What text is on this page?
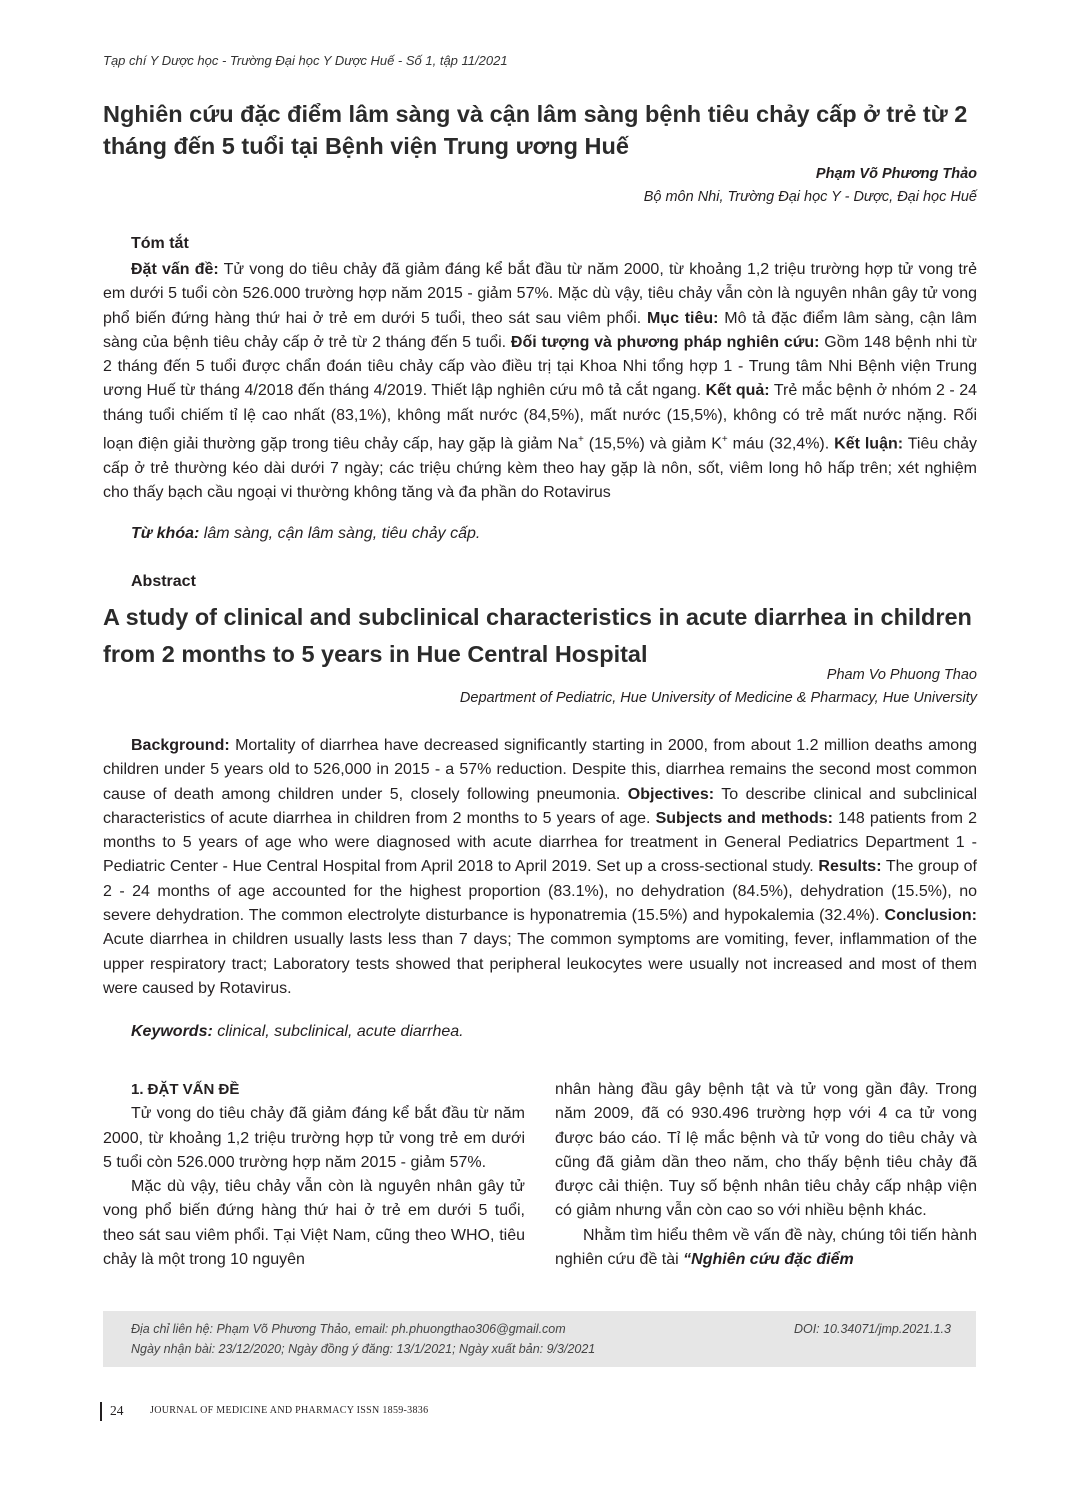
Tạp chí Y Dược học - Trường Đại học Y Dược Huế - Số 1, tập 11/2021
Nghiên cứu đặc điểm lâm sàng và cận lâm sàng bệnh tiêu chảy cấp ở trẻ từ 2 tháng đến 5 tuổi tại Bệnh viện Trung ương Huế
Phạm Võ Phương Thảo
Bộ môn Nhi, Trường Đại học Y - Dược, Đại học Huế
Tóm tắt

Đặt vấn đề: Tử vong do tiêu chảy đã giảm đáng kể bắt đầu từ năm 2000, từ khoảng 1,2 triệu trường hợp tử vong trẻ em dưới 5 tuổi còn 526.000 trường hợp năm 2015 - giảm 57%. Mặc dù vậy, tiêu chảy vẫn còn là nguyên nhân gây tử vong phổ biến đứng hàng thứ hai ở trẻ em dưới 5 tuổi, theo sát sau viêm phổi. Mục tiêu: Mô tả đặc điểm lâm sàng, cận lâm sàng của bệnh tiêu chảy cấp ở trẻ từ 2 tháng đến 5 tuổi. Đối tượng và phương pháp nghiên cứu: Gồm 148 bệnh nhi từ 2 tháng đến 5 tuổi được chẩn đoán tiêu chảy cấp vào điều trị tại Khoa Nhi tổng hợp 1 - Trung tâm Nhi Bệnh viện Trung ương Huế từ tháng 4/2018 đến tháng 4/2019. Thiết lập nghiên cứu mô tả cắt ngang. Kết quả: Trẻ mắc bệnh ở nhóm 2 - 24 tháng tuổi chiếm tỉ lệ cao nhất (83,1%), không mất nước (84,5%), mất nước (15,5%), không có trẻ mất nước nặng. Rối loạn điện giải thường gặp trong tiêu chảy cấp, hay gặp là giảm Na+ (15,5%) và giảm K+ máu (32,4%). Kết luận: Tiêu chảy cấp ở trẻ thường kéo dài dưới 7 ngày; các triệu chứng kèm theo hay gặp là nôn, sốt, viêm long hô hấp trên; xét nghiệm cho thấy bạch cầu ngoại vi thường không tăng và đa phần do Rotavirus

Từ khóa: lâm sàng, cận lâm sàng, tiêu chảy cấp.
Abstract
A study of clinical and subclinical characteristics in acute diarrhea in children from 2 months to 5 years in Hue Central Hospital
Pham Vo Phuong Thao
Department of Pediatric, Hue University of Medicine & Pharmacy, Hue University

Background: Mortality of diarrhea have decreased significantly starting in 2000, from about 1.2 million deaths among children under 5 years old to 526,000 in 2015 - a 57% reduction. Despite this, diarrhea remains the second most common cause of death among children under 5, closely following pneumonia. Objectives: To describe clinical and subclinical characteristics of acute diarrhea in children from 2 months to 5 years of age. Subjects and methods: 148 patients from 2 months to 5 years of age who were diagnosed with acute diarrhea for treatment in General Pediatrics Department 1 - Pediatric Center - Hue Central Hospital from April 2018 to April 2019. Set up a cross-sectional study. Results: The group of 2 - 24 months of age accounted for the highest proportion (83.1%), no dehydration (84.5%), dehydration (15.5%), no severe dehydration. The common electrolyte disturbance is hyponatremia (15.5%) and hypokalemia (32.4%). Conclusion: Acute diarrhea in children usually lasts less than 7 days; The common symptoms are vomiting, fever, inflammation of the upper respiratory tract; Laboratory tests showed that peripheral leukocytes were usually not increased and most of them were caused by Rotavirus.

Keywords: clinical, subclinical, acute diarrhea.
1. ĐẶT VẤN ĐỀ

Tử vong do tiêu chảy đã giảm đáng kể bắt đầu từ năm 2000, từ khoảng 1,2 triệu trường hợp tử vong trẻ em dưới 5 tuổi còn 526.000 trường hợp năm 2015 - giảm 57%.

Mặc dù vậy, tiêu chảy vẫn còn là nguyên nhân gây tử vong phổ biến đứng hàng thứ hai ở trẻ em dưới 5 tuổi, theo sát sau viêm phổi. Tại Việt Nam, cũng theo WHO, tiêu chảy là một trong 10 nguyên

nhân hàng đầu gây bệnh tật và tử vong gần đây. Trong năm 2009, đã có 930.496 trường hợp với 4 ca tử vong được báo cáo. Tỉ lệ mắc bệnh và tử vong do tiêu chảy và cũng đã giảm dần theo năm, cho thấy bệnh tiêu chảy đã được cải thiện. Tuy số bệnh nhân tiêu chảy cấp nhập viện có giảm nhưng vẫn còn cao so với nhiều bệnh khác.

Nhằm tìm hiểu thêm về vấn đề này, chúng tôi tiến hành nghiên cứu đề tài “Nghiên cứu đặc điểm

Địa chỉ liên hệ: Phạm Võ Phương Thảo, email: ph.phuongthao306@gmail.com	DOI: 10.34071/jmp.2021.1.3
Ngày nhận bài: 23/12/2020; Ngày đồng ý đăng: 13/1/2021; Ngày xuất bản: 9/3/2021
24	JOURNAL OF MEDICINE AND PHARMACY ISSN 1859-3836
